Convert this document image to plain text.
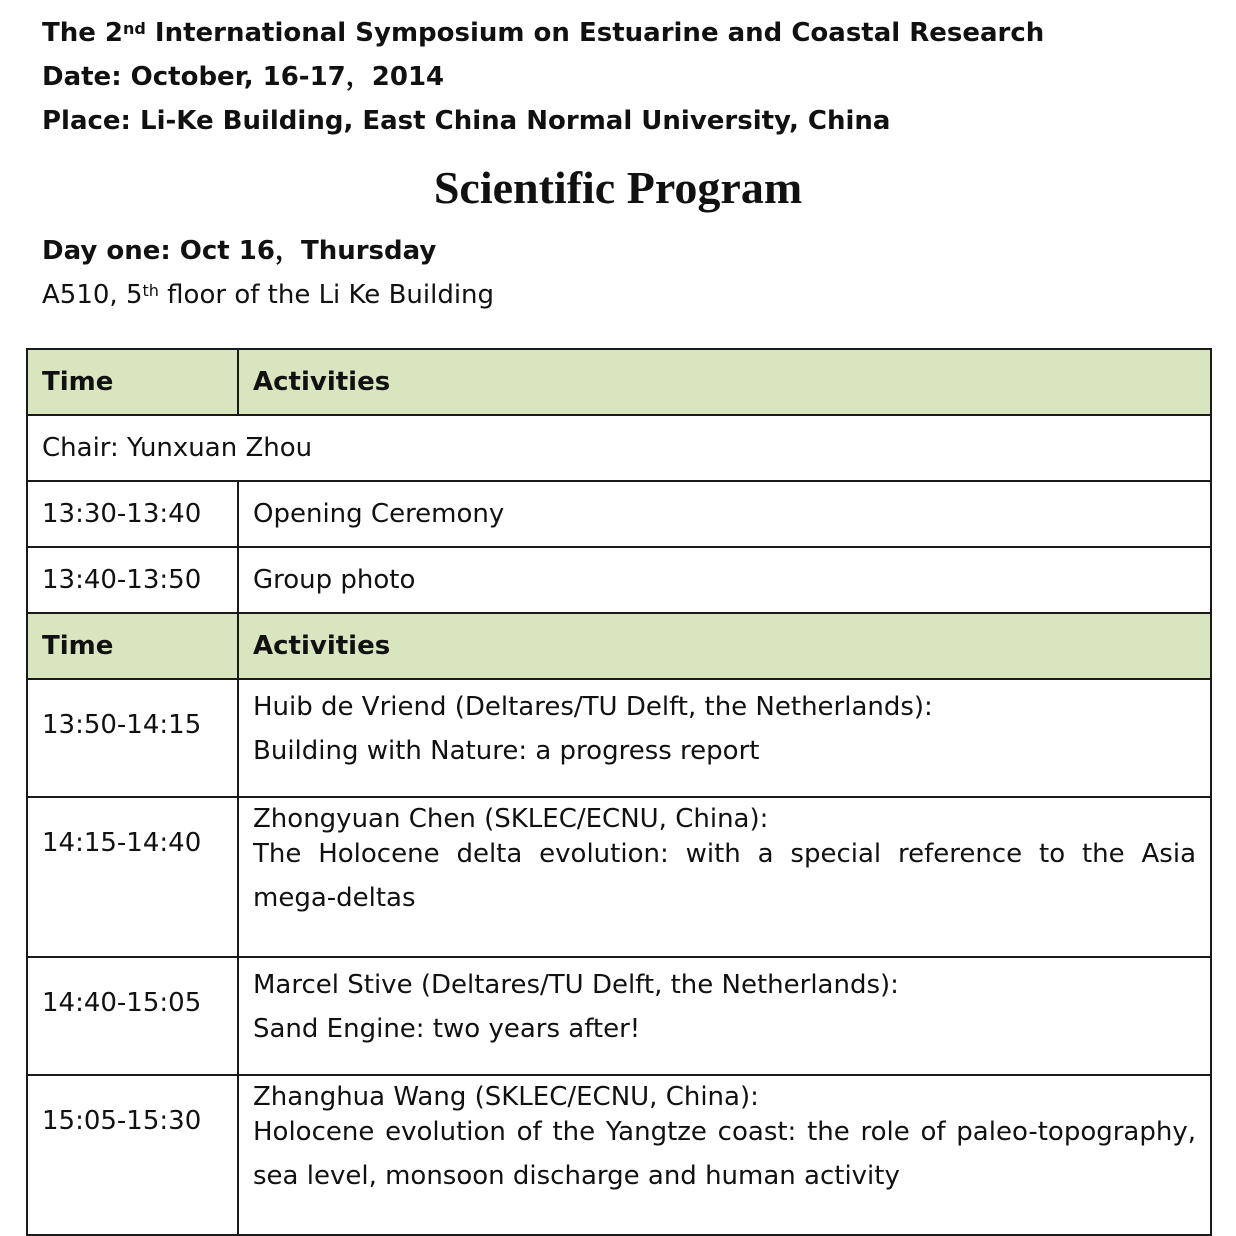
The 2nd International Symposium on Estuarine and Coastal Research
Date: October, 16-17，2014
Place: Li-Ke Building, East China Normal University, China
Scientific Program
Day one: Oct 16，Thursday
A510, 5th floor of the Li Ke Building
Time	Activities
Chair: Yunxuan Zhou	
13:30-13:40	Opening Ceremony
13:40-13:50	Group photo
Time	Activities
13:50-14:15	Huib de Vriend (Deltares/TU Delft, the Netherlands):
Building with Nature: a progress report

14:15-14:40	Zhongyuan Chen (SKLEC/ECNU, China):
The Holocene delta evolution: with a special reference to the Asia mega-deltas

14:40-15:05	Marcel Stive (Deltares/TU Delft, the Netherlands):
Sand Engine: two years after!

15:05-15:30	Zhanghua Wang (SKLEC/ECNU, China):
Holocene evolution of the Yangtze coast: the role of paleo-topography, sea level, monsoon discharge and human activity
